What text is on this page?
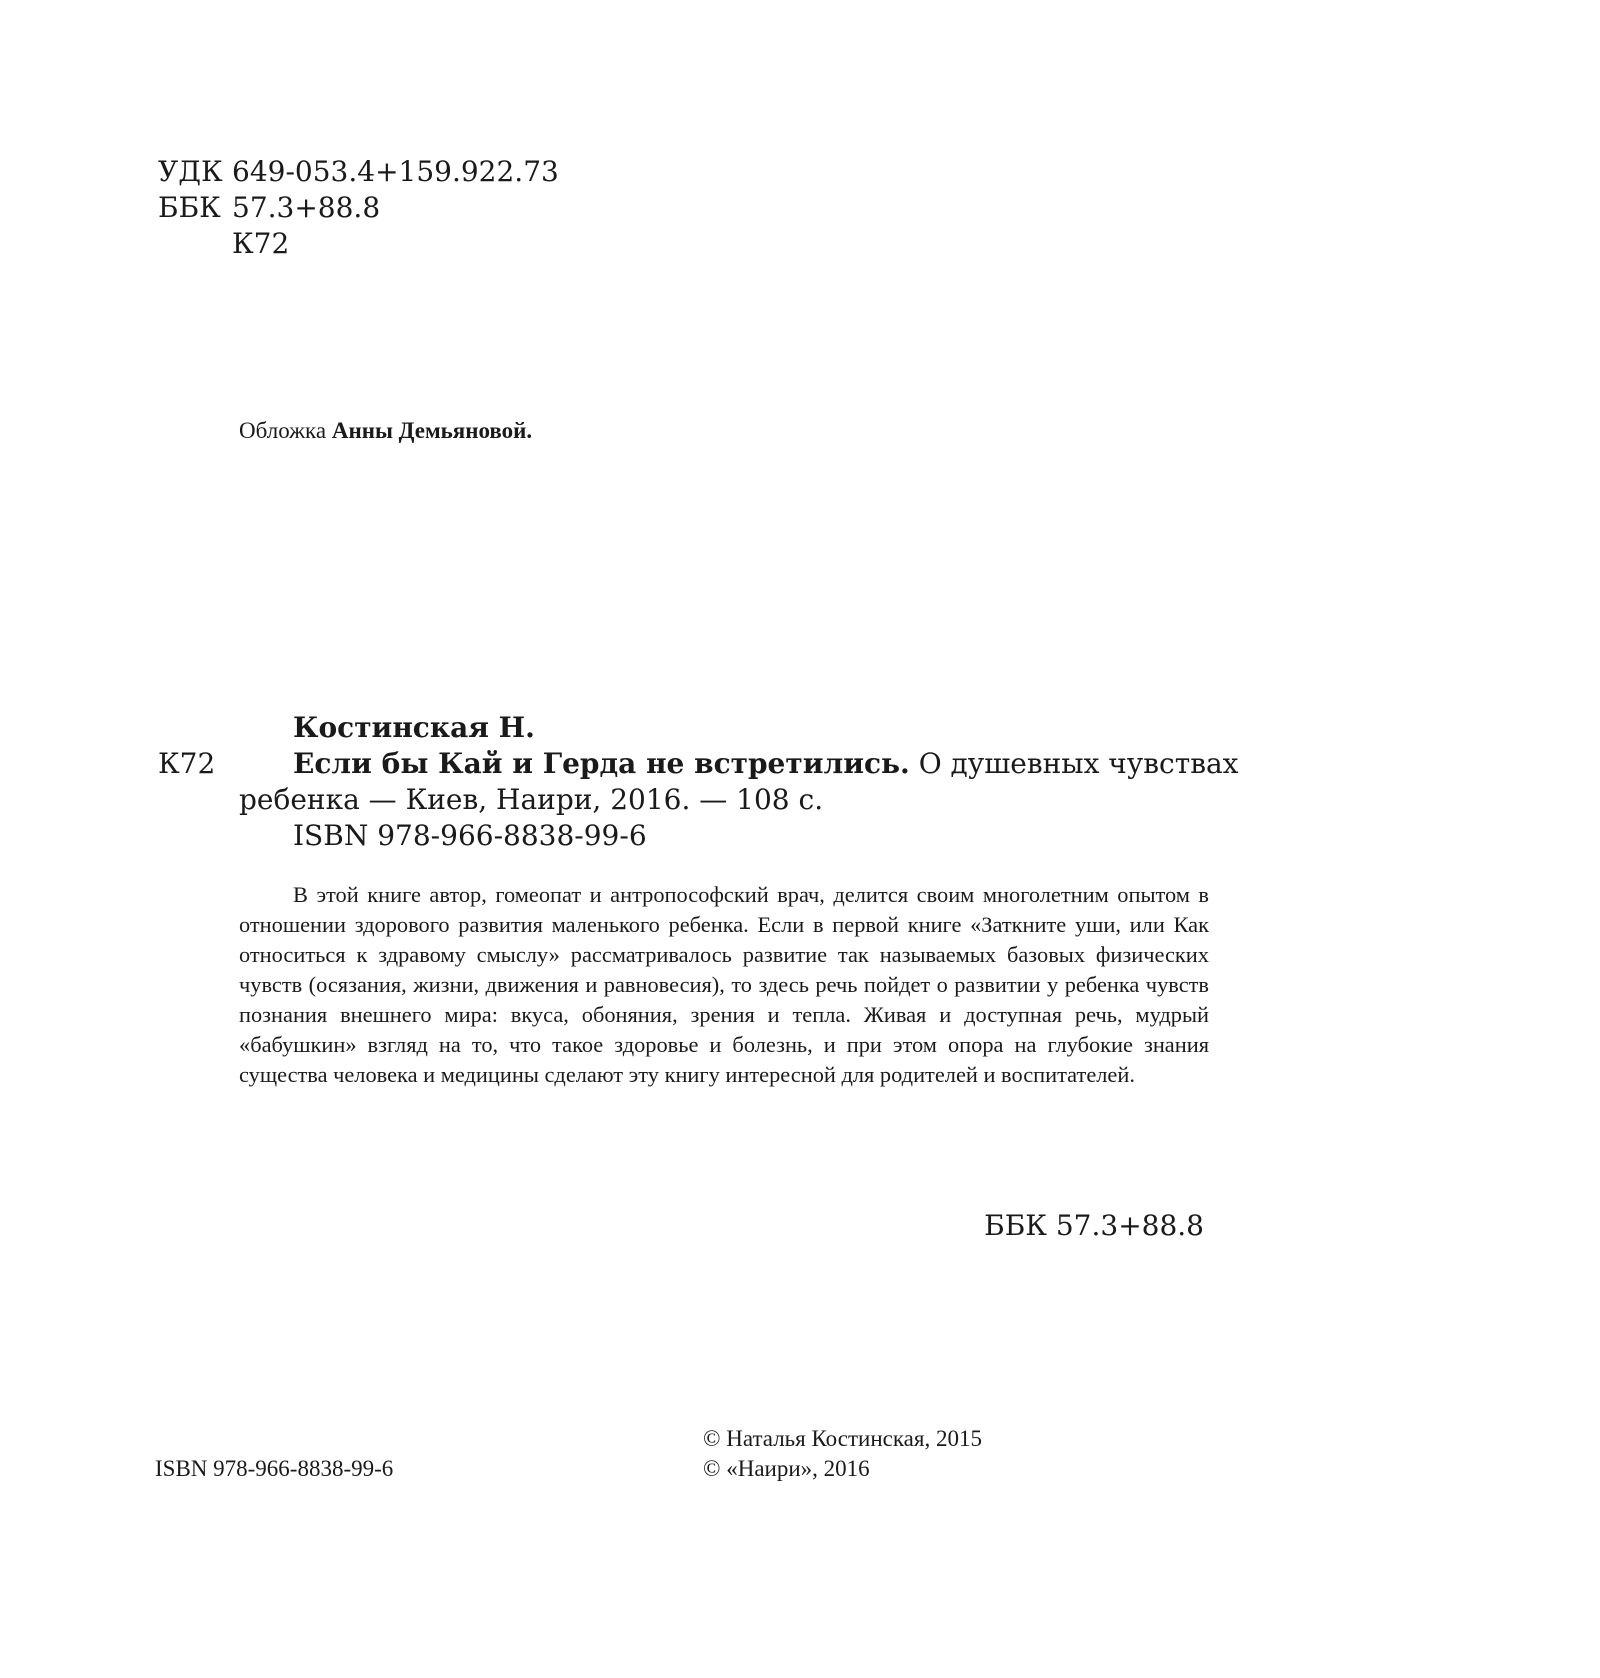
УДК 649-053.4+159.922.73
ББК 57.3+88.8
К72
Обложка Анны Демьяновой.
Костинская Н.
К72	Если бы Кай и Герда не встретились. О душевных чувствах
ребенка — Киев, Наири, 2016. — 108 с.
ISBN 978-966-8838-99-6

В этой книге автор, гомеопат и антропософский врач, делится своим многолетним опытом в отношении здорового развития маленького ребенка. Если в первой книге «Заткните уши, или Как относиться к здравому смыслу» рассматривалось развитие так называемых базовых физических чувств (осязания, жизни, движения и равновесия), то здесь речь пойдет о развитии у ребенка чувств познания внешнего мира: вкуса, обоняния, зрения и тепла. Живая и доступная речь, мудрый «бабушкин» взгляд на то, что такое здоровье и болезнь, и при этом опора на глубокие знания существа человека и медицины сделают эту книгу интересной для родителей и воспитателей.

ББК 57.3+88.8
ISBN 978-966-8838-99-6
© Наталья Костинская, 2015
© «Наири», 2016
